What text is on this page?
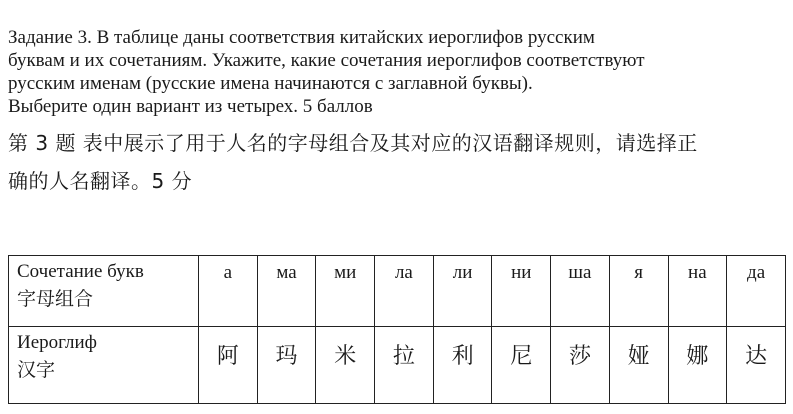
Задание 3. В таблице даны соответствия китайских иероглифов русским

буквам и их сочетаниям. Укажите, какие сочетания иероглифов соответствуют

русским именам (русские имена начинаются с заглавной буквы).

Выберите один вариант из четырех. 5 баллов

第 3 题 表中展示了用于人名的字母组合及其对应的汉语翻译规则，请选择正

确的人名翻译。5 分

Сочетание букв
字母组合	а	ма	ми	ла	ли	ни	ша	я	на	да

Иероглиф
汉字	阿	玛	米	拉	利	尼	莎	娅	娜	达
